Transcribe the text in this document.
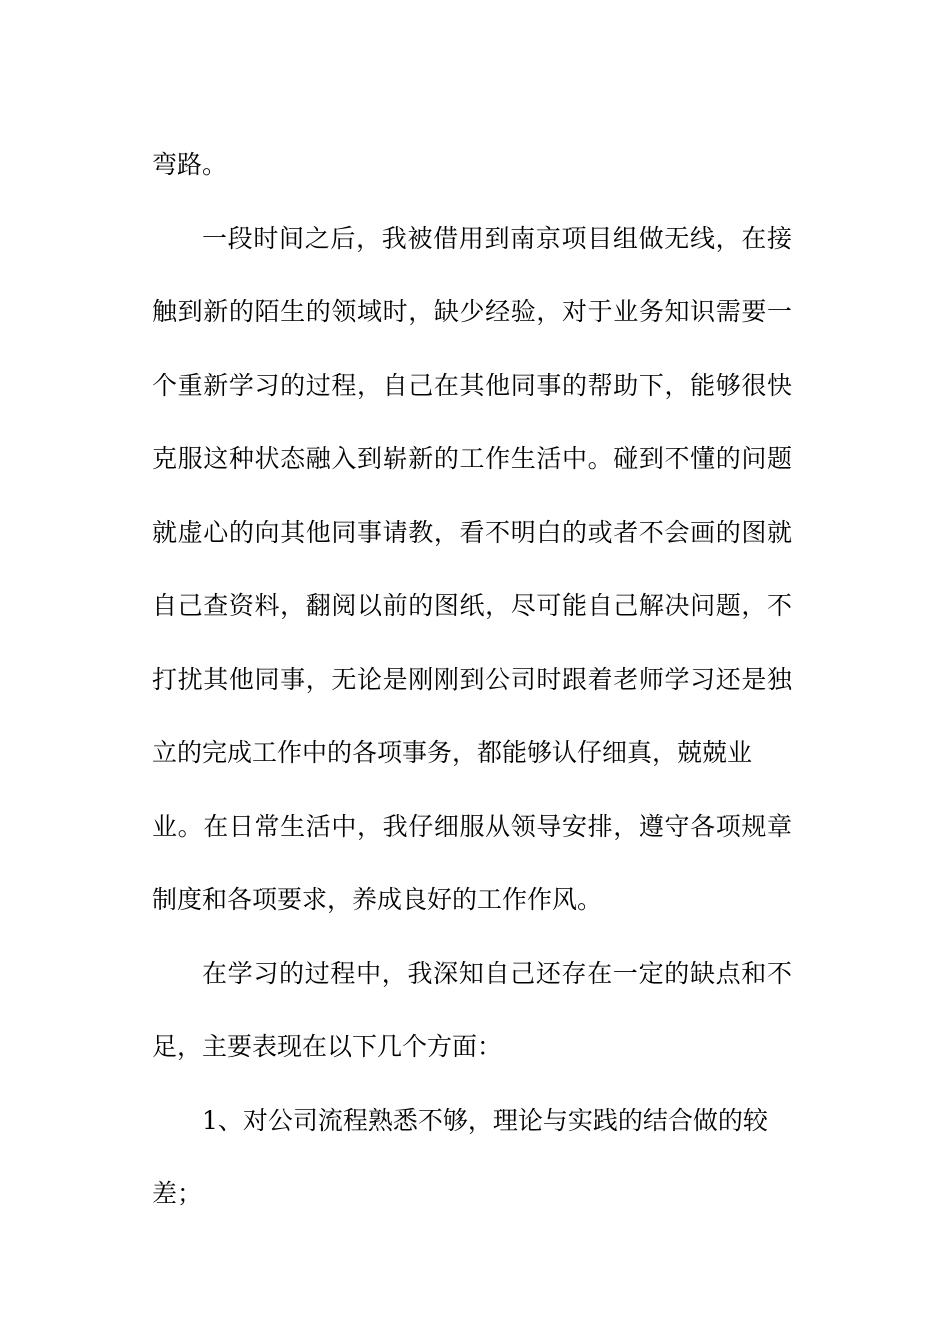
弯路。
一段时间之后，我被借用到南京项目组做无线，在接
触到新的陌生的领域时，缺少经验，对于业务知识需要一
个重新学习的过程，自己在其他同事的帮助下，能够很快
克服这种状态融入到崭新的工作生活中。碰到不懂的问题
就虚心的向其他同事请教，看不明白的或者不会画的图就
自己查资料，翻阅以前的图纸，尽可能自己解决问题，不
打扰其他同事，无论是刚刚到公司时跟着老师学习还是独
立的完成工作中的各项事务，都能够认仔细真，兢兢业
业。在日常生活中，我仔细服从领导安排，遵守各项规章
制度和各项要求，养成良好的工作作风。
在学习的过程中，我深知自己还存在一定的缺点和不
足，主要表现在以下几个方面：
1、对公司流程熟悉不够，理论与实践的结合做的较
差；
